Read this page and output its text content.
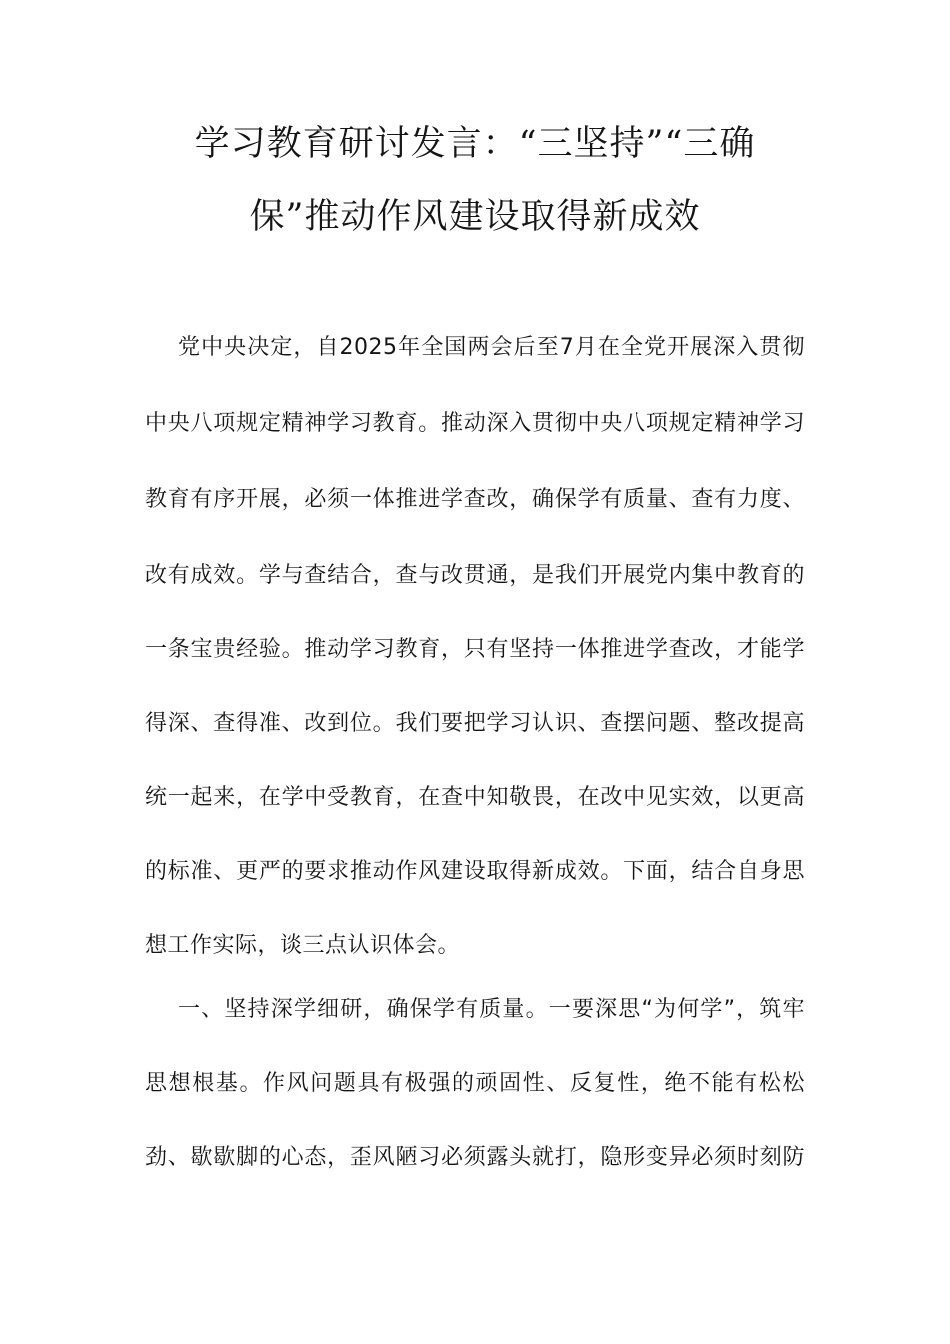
学习教育研讨发言：“三坚持”“三确
保”推动作风建设取得新成效
党中央决定，自2025年全国两会后至7月在全党开展深入贯彻
中央八项规定精神学习教育。推动深入贯彻中央八项规定精神学习
教育有序开展，必须一体推进学查改，确保学有质量、查有力度、
改有成效。学与查结合，查与改贯通，是我们开展党内集中教育的
一条宝贵经验。推动学习教育，只有坚持一体推进学查改，才能学
得深、查得准、改到位。我们要把学习认识、查摆问题、整改提高
统一起来，在学中受教育，在查中知敬畏，在改中见实效，以更高
的标准、更严的要求推动作风建设取得新成效。下面，结合自身思
想工作实际，谈三点认识体会。
一、坚持深学细研，确保学有质量。一要深思“为何学”，筑牢
思想根基。作风问题具有极强的顽固性、反复性，绝不能有松松
劲、歇歇脚的心态，歪风陋习必须露头就打，隐形变异必须时刻防
